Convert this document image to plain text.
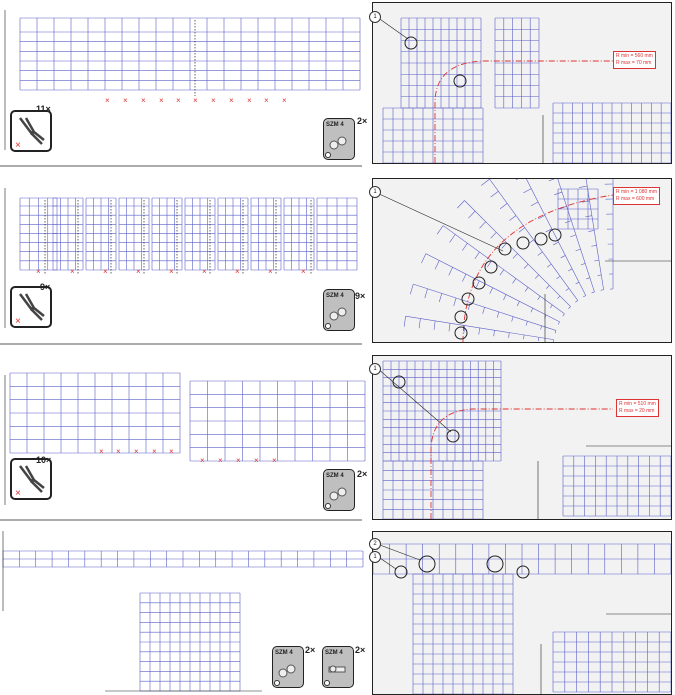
× × × × × × × × × × ×
×
11×
SZM 4 2×
R min = 560 mm
R max = 70 mm
1
×	×	×	×	×	×	×	×	×
×
9×
SZM 4 9×
R min = 1 080 mm
R max = 600 mm
1
× × × × ×
× × × × ×
×
10×
SZM 4 2×
R min = 510 mm
R max = 20 mm
1
SZM 4 2× SZM 4 2×
2
1
